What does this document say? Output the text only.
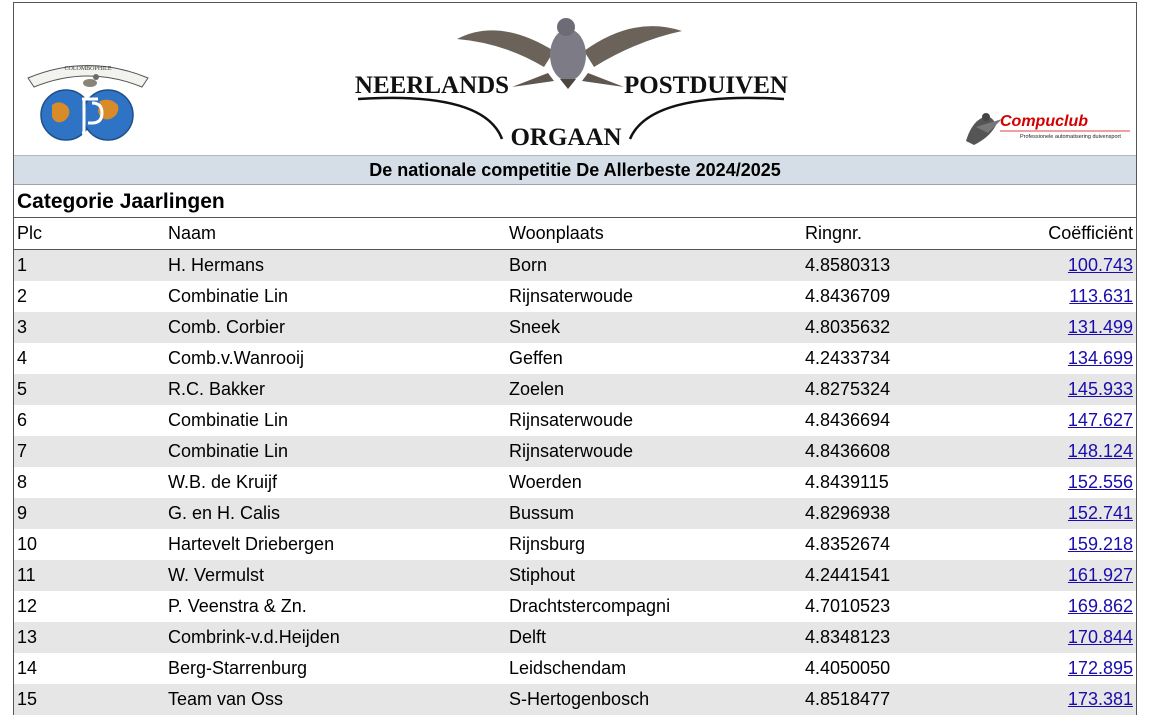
COLOMBOPHILE
NEERLANDS	POSTDUIVEN
ORGAAN
Compuclub
Professionele automatisering duivensport
De nationale competitie De Allerbeste 2024/2025
Categorie Jaarlingen
Plc	Naam	Woonplaats	Ringnr.	Coëfficiënt
1	H. Hermans	Born	4.8580313	100.743
2	Combinatie Lin	Rijnsaterwoude	4.8436709	113.631
3	Comb. Corbier	Sneek	4.8035632	131.499
4	Comb.v.Wanrooij	Geffen	4.2433734	134.699
5	R.C. Bakker	Zoelen	4.8275324	145.933
6	Combinatie Lin	Rijnsaterwoude	4.8436694	147.627
7	Combinatie Lin	Rijnsaterwoude	4.8436608	148.124
8	W.B. de Kruijf	Woerden	4.8439115	152.556
9	G. en H. Calis	Bussum	4.8296938	152.741
10	Hartevelt Driebergen	Rijnsburg	4.8352674	159.218
11	W. Vermulst	Stiphout	4.2441541	161.927
12	P. Veenstra & Zn.	Drachtstercompagni	4.7010523	169.862
13	Combrink-v.d.Heijden	Delft	4.8348123	170.844
14	Berg-Starrenburg	Leidschendam	4.4050050	172.895
15	Team van Oss	S-Hertogenbosch	4.8518477	173.381
